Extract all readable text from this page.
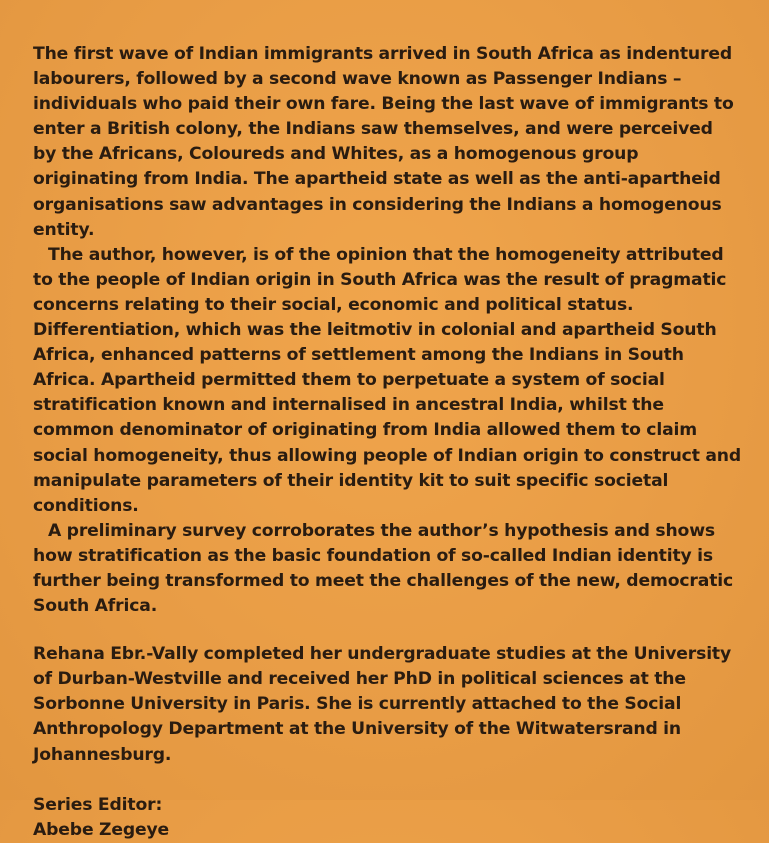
The first wave of Indian immigrants arrived in South Africa as indentured labourers, followed by a second wave known as Passenger Indians – individuals who paid their own fare. Being the last wave of immigrants to enter a British colony, the Indians saw themselves, and were perceived by the Africans, Coloureds and Whites, as a homogenous group originating from India. The apartheid state as well as the anti-apartheid organisations saw advantages in considering the Indians a homogenous entity.

The author, however, is of the opinion that the homogeneity attributed to the people of Indian origin in South Africa was the result of pragmatic concerns relating to their social, economic and political status. Differentiation, which was the leitmotiv in colonial and apartheid South Africa, enhanced patterns of settlement among the Indians in South Africa. Apartheid permitted them to perpetuate a system of social stratification known and internalised in ancestral India, whilst the common denominator of originating from India allowed them to claim social homogeneity, thus allowing people of Indian origin to construct and manipulate parameters of their identity kit to suit specific societal conditions.

A preliminary survey corroborates the author’s hypothesis and shows how stratification as the basic foundation of so-called Indian identity is further being transformed to meet the challenges of the new, democratic South Africa.

Rehana Ebr.-Vally completed her undergraduate studies at the University of Durban-Westville and received her PhD in political sciences at the Sorbonne University in Paris. She is currently attached to the Social Anthropology Department at the University of the Witwatersrand in Johannesburg.

Series Editor:
Abebe Zegeye
